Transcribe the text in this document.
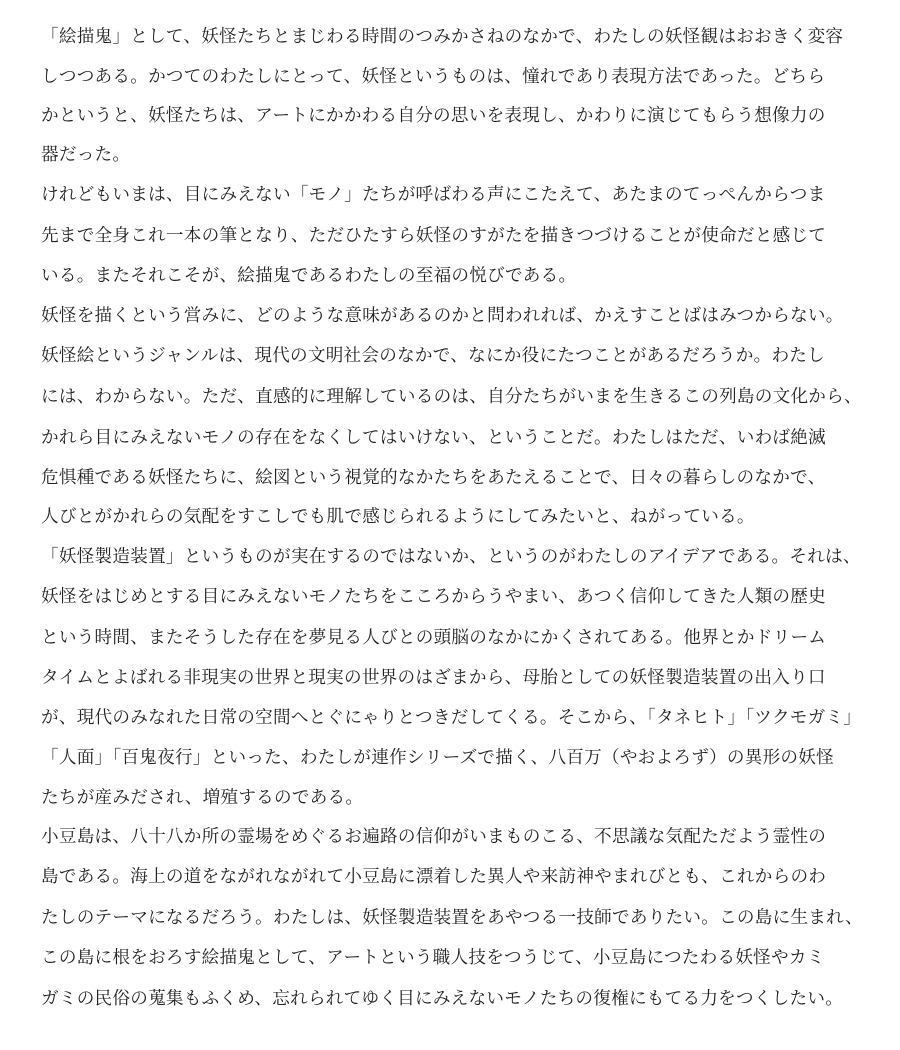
「絵描鬼」として、妖怪たちとまじわる時間のつみかさねのなかで、わたしの妖怪観はおおきく変容
しつつある。かつてのわたしにとって、妖怪というものは、憧れであり表現方法であった。どちら
かというと、妖怪たちは、アートにかかわる自分の思いを表現し、かわりに演じてもらう想像力の
器だった。
けれどもいまは、目にみえない「モノ」たちが呼ばわる声にこたえて、あたまのてっぺんからつま
先まで全身これ一本の筆となり、ただひたすら妖怪のすがたを描きつづけることが使命だと感じて
いる。またそれこそが、絵描鬼であるわたしの至福の悦びである。
妖怪を描くという営みに、どのような意味があるのかと問われれば、かえすことばはみつからない。
妖怪絵というジャンルは、現代の文明社会のなかで、なにか役にたつことがあるだろうか。わたし
には、わからない。ただ、直感的に理解しているのは、自分たちがいまを生きるこの列島の文化から、
かれら目にみえないモノの存在をなくしてはいけない、ということだ。わたしはただ、いわば絶滅
危惧種である妖怪たちに、絵図という視覚的なかたちをあたえることで、日々の暮らしのなかで、
人びとがかれらの気配をすこしでも肌で感じられるようにしてみたいと、ねがっている。
「妖怪製造装置」というものが実在するのではないか、というのがわたしのアイデアである。それは、
妖怪をはじめとする目にみえないモノたちをこころからうやまい、あつく信仰してきた人類の歴史
という時間、またそうした存在を夢見る人びとの頭脳のなかにかくされてある。他界とかドリーム
タイムとよばれる非現実の世界と現実の世界のはざまから、母胎としての妖怪製造装置の出入り口
が、現代のみなれた日常の空間へとぐにゃりとつきだしてくる。そこから、「タネヒト」「ツクモガミ」
「人面」「百鬼夜行」といった、わたしが連作シリーズで描く、八百万（やおよろず）の異形の妖怪
たちが産みだされ、増殖するのである。
小豆島は、八十八か所の霊場をめぐるお遍路の信仰がいまものこる、不思議な気配ただよう霊性の
島である。海上の道をながれながれて小豆島に漂着した異人や来訪神やまれびとも、これからのわ
たしのテーマになるだろう。わたしは、妖怪製造装置をあやつる一技師でありたい。この島に生まれ、
この島に根をおろす絵描鬼として、アートという職人技をつうじて、小豆島につたわる妖怪やカミ
ガミの民俗の蒐集もふくめ、忘れられてゆく目にみえないモノたちの復権にもてる力をつくしたい。
